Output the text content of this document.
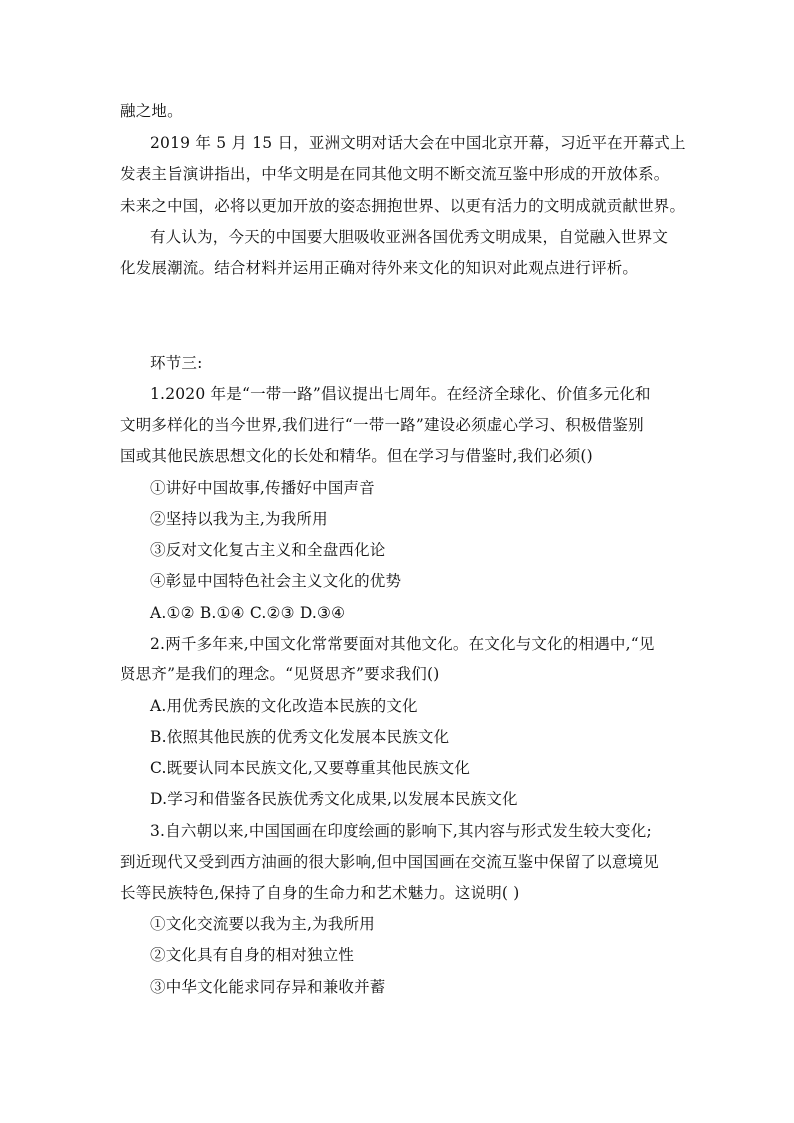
融之地。
2019 年 5 月 15 日，亚洲文明对话大会在中国北京开幕，习近平在开幕式上
发表主旨演讲指出，中华文明是在同其他文明不断交流互鉴中形成的开放体系。
未来之中国，必将以更加开放的姿态拥抱世界、以更有活力的文明成就贡献世界。
有人认为，今天的中国要大胆吸收亚洲各国优秀文明成果，自觉融入世界文
化发展潮流。结合材料并运用正确对待外来文化的知识对此观点进行评析。
环节三:
1.2020 年是“一带一路”倡议提出七周年。在经济全球化、价值多元化和
文明多样化的当今世界,我们进行“一带一路”建设必须虚心学习、积极借鉴别
国或其他民族思想文化的长处和精华。但在学习与借鉴时,我们必须()
①讲好中国故事,传播好中国声音
②坚持以我为主,为我所用
③反对文化复古主义和全盘西化论
④彰显中国特色社会主义文化的优势
A.①② B.①④ C.②③ D.③④
2.两千多年来,中国文化常常要面对其他文化。在文化与文化的相遇中,“见
贤思齐”是我们的理念。“见贤思齐”要求我们()
A.用优秀民族的文化改造本民族的文化
B.依照其他民族的优秀文化发展本民族文化
C.既要认同本民族文化,又要尊重其他民族文化
D.学习和借鉴各民族优秀文化成果,以发展本民族文化
3.自六朝以来,中国国画在印度绘画的影响下,其内容与形式发生较大变化;
到近现代又受到西方油画的很大影响,但中国国画在交流互鉴中保留了以意境见
长等民族特色,保持了自身的生命力和艺术魅力。这说明( )
①文化交流要以我为主,为我所用
②文化具有自身的相对独立性
③中华文化能求同存异和兼收并蓄
